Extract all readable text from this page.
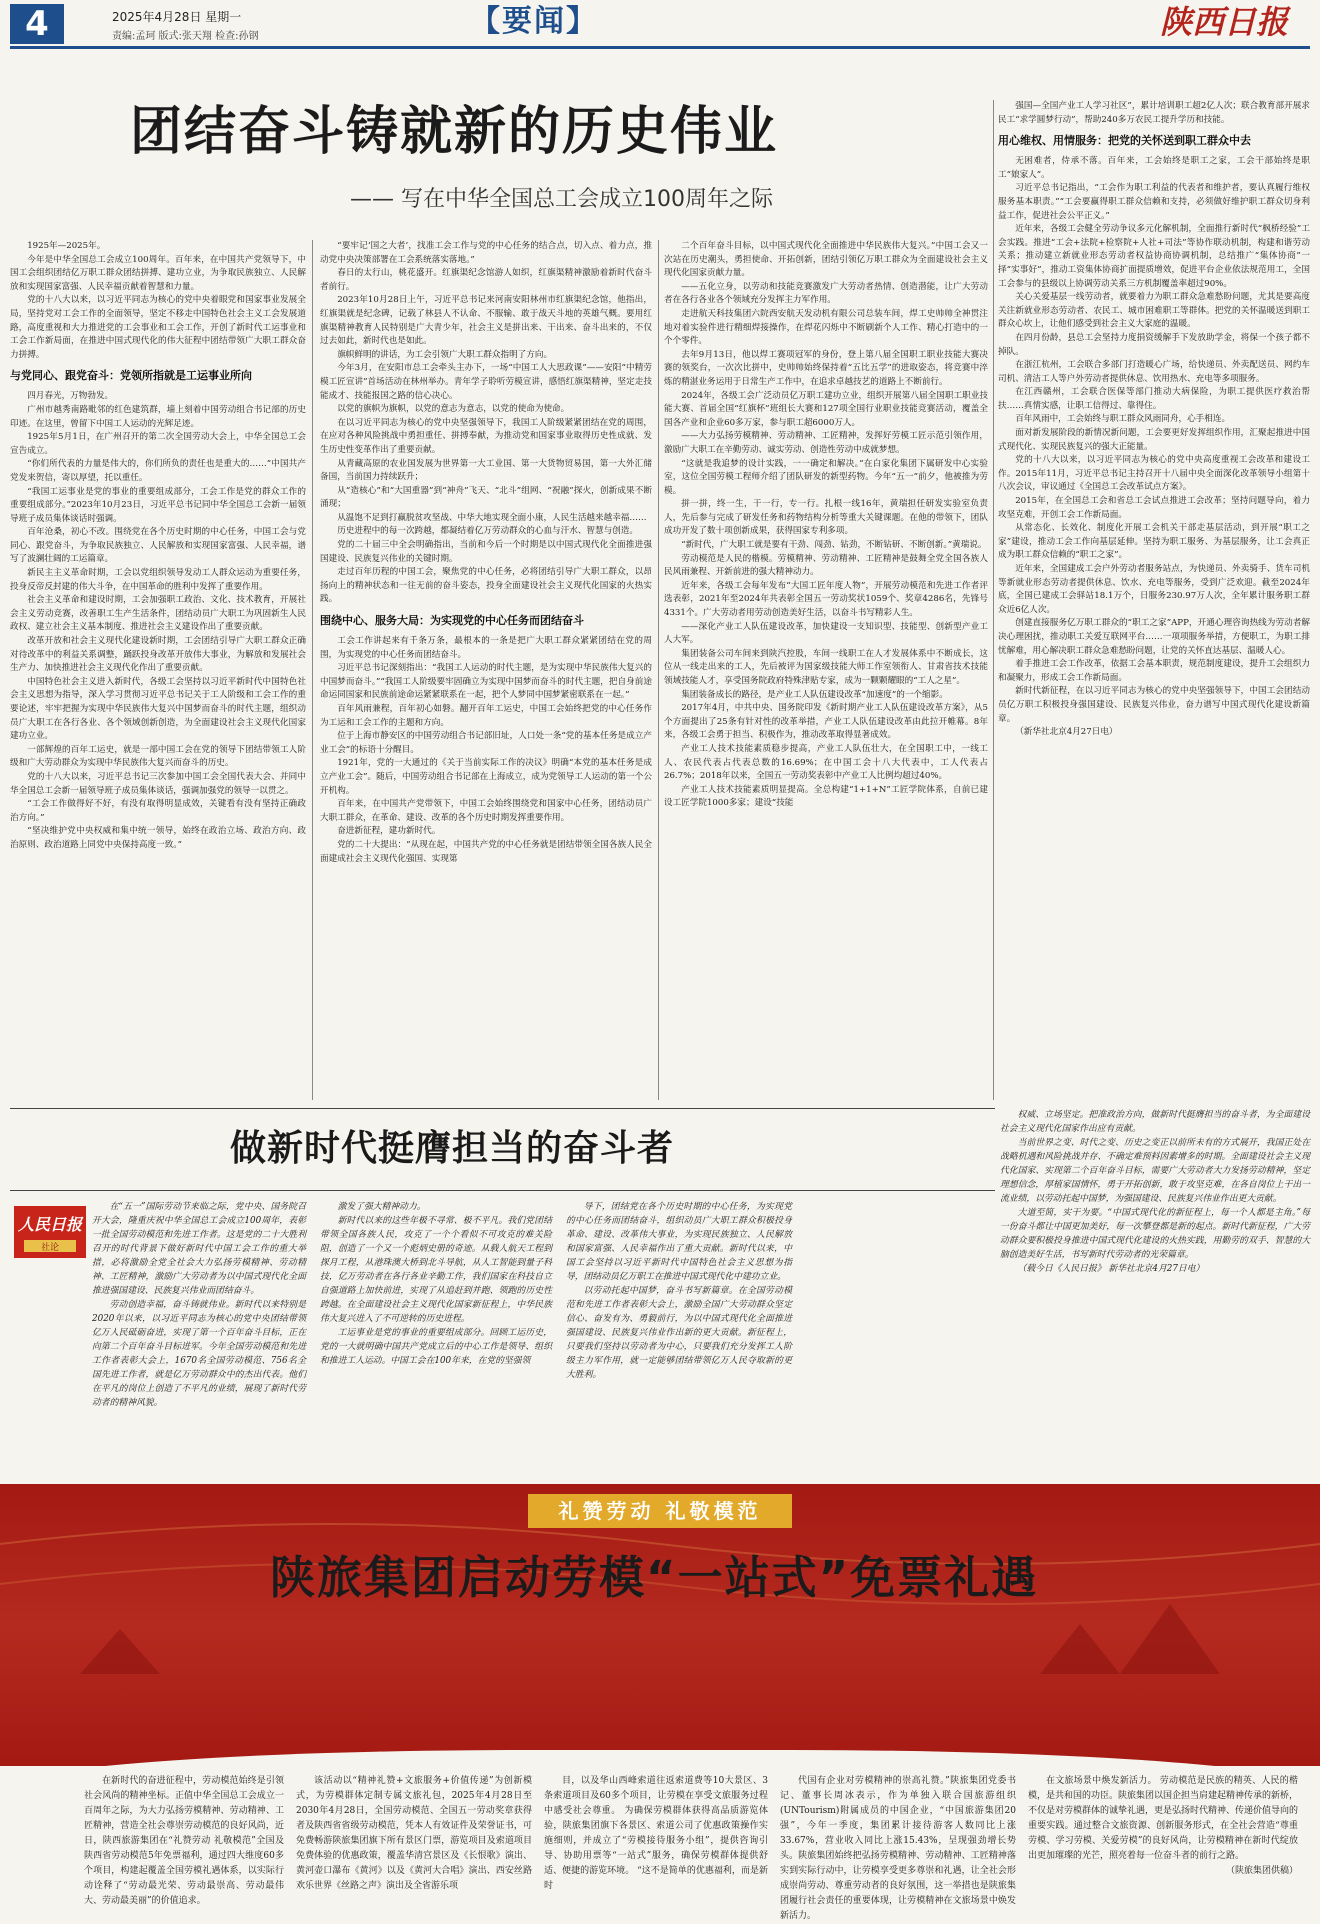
4	2025年4月28日 星期一
责编:孟珂 版式:张天翔 检查:孙钢	【要闻】	陕西日报
团结奋斗铸就新的历史伟业
—— 写在中华全国总工会成立100周年之际

1925年—2025年。

今年是中华全国总工会成立100周年。百年来，在中国共产党领导下，中国工会组织团结亿万职工群众团结拼搏、建功立业，为争取民族独立、人民解放和实现国家富强、人民幸福贡献着智慧和力量。

党的十八大以来，以习近平同志为核心的党中央着眼党和国家事业发展全局，坚持党对工会工作的全面领导，坚定不移走中国特色社会主义工会发展道路，高度重视和大力推进党的工会事业和工会工作，开创了新时代工运事业和工会工作新局面，在推进中国式现代化的伟大征程中团结带领广大职工群众奋力拼搏。

与党同心、跟党奋斗：党领所指就是工运事业所向

四月春光，万物勃发。

广州市越秀南路毗邻的红色建筑群，墙上刻着中国劳动组合书记部的历史印迹。在这里，曾留下中国工人运动的光辉足迹。

1925年5月1日，在广州召开的第二次全国劳动大会上，中华全国总工会宣告成立。

“你们所代表的力量是伟大的，你们所负的责任也是重大的……”中国共产党发来贺信，寄以厚望，托以重任。

“我国工运事业是党的事业的重要组成部分，工会工作是党的群众工作的重要组成部分。”2023年10月23日，习近平总书记同中华全国总工会新一届领导班子成员集体谈话时强调。

百年沧桑，初心不改。围绕党在各个历史时期的中心任务，中国工会与党同心、跟党奋斗，为争取民族独立、人民解放和实现国家富强、人民幸福，谱写了波澜壮阔的工运篇章。

新民主主义革命时期，工会以党组织领导发动工人群众运动为重要任务，投身反帝反封建的伟大斗争，在中国革命的胜利中发挥了重要作用。

社会主义革命和建设时期，工会加强职工政治、文化、技术教育，开展社会主义劳动竞赛，改善职工生产生活条件，团结动员广大职工为巩固新生人民政权、建立社会主义基本制度、推进社会主义建设作出了重要贡献。

改革开放和社会主义现代化建设新时期，工会团结引导广大职工群众正确对待改革中的利益关系调整，踊跃投身改革开放伟大事业，为解放和发展社会生产力、加快推进社会主义现代化作出了重要贡献。

中国特色社会主义进入新时代，各级工会坚持以习近平新时代中国特色社会主义思想为指导，深入学习贯彻习近平总书记关于工人阶级和工会工作的重要论述，牢牢把握为实现中华民族伟大复兴中国梦而奋斗的时代主题，组织动员广大职工在各行各业、各个领域创新创造，为全面建设社会主义现代化国家建功立业。

一部辉煌的百年工运史，就是一部中国工会在党的领导下团结带领工人阶级和广大劳动群众为实现中华民族伟大复兴而奋斗的历史。

党的十八大以来，习近平总书记三次参加中国工会全国代表大会、并同中华全国总工会新一届领导班子成员集体谈话，强调加强党的领导一以贯之。

“工会工作做得好不好，有没有取得明显成效，关键看有没有坚持正确政治方向。”

“坚决维护党中央权威和集中统一领导，始终在政治立场、政治方向、政治原则、政治道路上同党中央保持高度一致。”

“要牢记‘国之大者’，找准工会工作与党的中心任务的结合点，切入点、着力点，推动党中央决策部署在工会系统落实落地。”

春日的太行山，桃花盛开。红旗渠纪念馆游人如织，红旗渠精神激励着新时代奋斗者前行。

2023年10月28日上午，习近平总书记来河南安阳林州市红旗渠纪念馆，他指出，红旗渠就是纪念碑，记载了林县人不认命、不服输、敢于战天斗地的英雄气概。要用红旗渠精神教育人民特别是广大青少年，社会主义是拼出来、干出来、奋斗出来的，不仅过去如此，新时代也是如此。

旗帜鲜明的讲话，为工会引领广大职工群众指明了方向。

今年3月，在安阳市总工会牵头主办下，一场“中国工人大思政课”——安阳“中精劳模工匠宣讲”首场活动在林州举办。青年学子聆听劳模宣讲，感悟红旗渠精神，坚定走技能成才、技能报国之路的信心决心。

以党的旗帜为旗帜，以党的意志为意志，以党的使命为使命。

在以习近平同志为核心的党中央坚强领导下，我国工人阶级紧紧团结在党的周围，在应对各种风险挑战中勇担重任、拼搏奉献，为推动党和国家事业取得历史性成就、发生历史性变革作出了重要贡献。

从青藏高原的农业国发展为世界第一大工业国、第一大货物贸易国，第一大外汇储备国，当前国力持续跃升；

从“造核心”和“大国重器”到“神舟”飞天、“北斗”组网、“祝融”探火，创新成果不断涌现；

从温饱不足到打赢脱贫攻坚战、中华大地实现全面小康，人民生活越来越幸福……

历史进程中的每一次跨越，都凝结着亿万劳动群众的心血与汗水、智慧与创造。

党的二十届三中全会明确指出，当前和今后一个时期是以中国式现代化全面推进强国建设、民族复兴伟业的关键时期。

走过百年历程的中国工会，聚焦党的中心任务，必将团结引导广大职工群众，以昂扬向上的精神状态和一往无前的奋斗姿态，投身全面建设社会主义现代化国家的火热实践。

围绕中心、服务大局：为实现党的中心任务而团结奋斗

工会工作讲起来有千条万条，最根本的一条是把广大职工群众紧紧团结在党的周围，为实现党的中心任务而团结奋斗。

习近平总书记深刻指出：“我国工人运动的时代主题，是为实现中华民族伟大复兴的中国梦而奋斗。”“我国工人阶级要牢固确立为实现中国梦而奋斗的时代主题，把自身前途命运同国家和民族前途命运紧紧联系在一起，把个人梦同中国梦紧密联系在一起。”

百年风雨兼程，百年初心如磐。翻开百年工运史，中国工会始终把党的中心任务作为工运和工会工作的主题和方向。

位于上海市静安区的中国劳动组合书记部旧址，人口处一条“党的基本任务是成立产业工会”的标语十分醒目。

1921年，党的一大通过的《关于当前实际工作的决议》明确“本党的基本任务是成立产业工会”。随后，中国劳动组合书记部在上海成立，成为党领导工人运动的第一个公开机构。

百年来，在中国共产党带领下，中国工会始终围绕党和国家中心任务，团结动员广大职工群众，在革命、建设、改革的各个历史时期发挥重要作用。

奋进新征程，建功新时代。

党的二十大提出：“从现在起，中国共产党的中心任务就是团结带领全国各族人民全面建成社会主义现代化强国、实现第

二个百年奋斗目标，以中国式现代化全面推进中华民族伟大复兴。”中国工会又一次站在历史潮头，勇担使命、开拓创新，团结引领亿万职工群众为全面建设社会主义现代化国家贡献力量。

——五化立身，以劳动和技能竞赛激发广大劳动者热情、创造潜能，让广大劳动者在各行各业各个领域充分发挥主力军作用。

走进航天科技集团六院西安航天发动机有限公司总装车间，焊工史帅帅全神贯注地对着实验件进行精细焊接操作，在焊花闪烁中不断刷新个人工作、精心打造中的一个个零件。

去年9月13日，他以焊工赛项冠军的身份，登上第八届全国职工职业技能大赛决赛的领奖台，一次次比拼中，史帅帅始终保持着“五比五学”的进取姿态，将竞赛中淬炼的精湛业务运用于日常生产工作中，在追求卓越技艺的道路上不断前行。

2024年，各级工会广泛动员亿万职工建功立业，组织开展第八届全国职工职业技能大赛、首届全国“红旗杯”班组长大赛和127项全国行业职业技能竞赛活动，覆盖全国各产业和企业60多万家，参与职工超6000万人。

——大力弘扬劳模精神、劳动精神、工匠精神，发挥好劳模工匠示范引领作用，激励广大职工在辛勤劳动、诚实劳动、创造性劳动中成就梦想。

“这就是我追梦的设计实践，一一确定和解决。”在白家化集团下属研发中心实验室，这位全国劳模工程师介绍了团队研发的新型药物。今年“五一”前夕，他被推为劳模。

拼一拼，终一生，干一行，专一行。扎根一线16年，黄瑞担任研发实验室负责人，先后参与完成了研发任务和药物结构分析等重大关键课题。在他的带领下，团队成功开发了数十项创新成果，获得国家专利多项。

“新时代，广大职工就是要有干劲、闯劲、钻劲，不断钻研、不断创新。”黄瑞说。

劳动模范是人民的楷模。劳模精神、劳动精神、工匠精神是鼓舞全党全国各族人民风雨兼程、开新前进的强大精神动力。

近年来，各级工会每年发布“大国工匠年度人物”，开展劳动模范和先进工作者评选表彰，2021年至2024年共表彰全国五一劳动奖状1059个、奖章4286名，先锋号4331个。广大劳动者用劳动创造美好生活，以奋斗书写精彩人生。

——深化产业工人队伍建设改革，加快建设一支知识型、技能型、创新型产业工人大军。

集团装备公司车间来到陕汽控股，车间一线职工在人才发展体系中不断成长，这位从一线走出来的工人，先后被评为国家级技能大师工作室领衔人、甘肃省技术技能领域技能人才，享受国务院政府特殊津贴专家，成为一颗颗耀眼的“工人之星”。

集团装备成长的路径，是产业工人队伍建设改革“加速度”的一个缩影。

2017年4月，中共中央、国务院印发《新时期产业工人队伍建设改革方案》，从5个方面提出了25条有针对性的改革举措，产业工人队伍建设改革由此拉开帷幕。8年来，各级工会勇于担当、积极作为，推动改革取得显著成效。

产业工人技术技能素质稳步提高，产业工人队伍壮大，在全国职工中，一线工人、农民代表占代表总数的16.69%；在中国工会十八大代表中，工人代表占26.7%；2018年以来，全国五一劳动奖表彰中产业工人比例均超过40%。

产业工人技术技能素质明显提高。全总构建“1+1+N”工匠学院体系，自前已建设工匠学院1000多家；建设“技能

强国—全国产业工人学习社区”，累计培训职工超2亿人次；联合教育部开展求民工“求学圆梦行动”，帮助240多万农民工提升学历和技能。

用心维权、用情服务：把党的关怀送到职工群众中去

无困难者，侍承不落。百年来，工会始终是职工之家，工会干部始终是职工“娘家人”。

习近平总书记指出，“工会作为职工利益的代表者和维护者，要认真履行维权服务基本职责。”“工会要赢得职工群众信赖和支持，必须做好维护职工群众切身利益工作，促进社会公平正义。”

近年来，各级工会健全劳动争议多元化解机制，全面推行新时代“枫桥经验”工会实践。推进“工会+法院+检察院+人社+司法”等协作联动机制，构建和谐劳动关系；推动建立新就业形态劳动者权益协商协调机制，总结推广“集体协商”一择“实事好”，推动工资集体协商扩面提质增效，促进平台企业依法规范用工，全国工会参与的县级以上协调劳动关系三方机制覆盖率超过90%。

关心关爱基层一线劳动者，就要着力为职工群众急难愁盼问题，尤其是要高度关注新就业形态劳动者、农民工、城市困难职工等群体。把党的关怀温暖送到职工群众心坎上，让他们感受到社会主义大家庭的温暖。

在四月份龄，县总工会坚持力度捐资缓解手下发放助学金，将保一个孩子都不掉队。

在浙江杭州，工会联合多部门打造暖心广场，给快递员、外卖配送员、网约车司机、清洁工人等户外劳动者提供休息、饮用热水、充电等多项服务。

在江西赣州，工会联合医保等部门推动大病保险，为职工提供医疗救治帮扶……真情实感，让职工信得过、靠得住。

百年风雨中，工会始终与职工群众风雨同舟，心手相连。

面对新发展阶段的新情况新问题，工会要更好发挥组织作用，汇聚起推进中国式现代化、实现民族复兴的强大正能量。

党的十八大以来，以习近平同志为核心的党中央高度重视工会改革和建设工作。2015年11月，习近平总书记主持召开十八届中央全面深化改革领导小组第十八次会议，审议通过《全国总工会改革试点方案》。

2015年，在全国总工会和省总工会试点推进工会改革；坚持问题导向，着力攻坚克难，开创工会工作新局面。

从常态化、长效化、制度化开展工会机关干部走基层活动，到开展“职工之家”建设，推动工会工作向基层延伸。坚持为职工服务、为基层服务，让工会真正成为职工群众信赖的“职工之家”。

近年来，全国建成工会户外劳动者服务站点，为快递员、外卖骑手、货车司机等新就业形态劳动者提供休息、饮水、充电等服务，受到广泛欢迎。截至2024年底，全国已建成工会驿站18.1万个，日服务230.97万人次，全年累计服务职工群众近6亿人次。

创建直接服务亿万职工群众的“职工之家”APP，开通心理咨询热线为劳动者解决心理困扰，推动职工关爱互联网平台……一项项服务举措，方便职工，为职工排忧解难，用心解决职工群众急难愁盼问题，让党的关怀直达基层、温暖人心。

着手推进工会工作改革，依据工会基本职责，规范制度建设，提升工会组织力和凝聚力，形成工会工作新局面。

新时代新征程，在以习近平同志为核心的党中央坚强领导下，中国工会团结动员亿万职工积极投身强国建设、民族复兴伟业，奋力谱写中国式现代化建设新篇章。

（新华社北京4月27日电）

做新时代挺膺担当的奋斗者
人民日报
社论

在“五一”国际劳动节来临之际，党中央、国务院召开大会，隆重庆祝中华全国总工会成立100周年，表彰一批全国劳动模范和先进工作者。这是党的二十大胜利召开的时代背景下做好新时代中国工会工作的重大举措，必将激励全党全社会大力弘扬劳模精神、劳动精神、工匠精神，激励广大劳动者为以中国式现代化全面推进强国建设、民族复兴伟业而团结奋斗。

劳动创造幸福，奋斗铸就伟业。新时代以来特别是2020年以来，以习近平同志为核心的党中央团结带领亿万人民砥砺奋进，实现了第一个百年奋斗目标，正在向第二个百年奋斗目标进军。今年全国劳动模范和先进工作者表彰大会上，1670名全国劳动模范、756名全国先进工作者，就是亿万劳动群众中的杰出代表。他们在平凡的岗位上创造了不平凡的业绩，展现了新时代劳动者的精神风貌。

激发了强大精神动力。

新时代以来的这些年极不寻常、极不平凡。我们党团结带领全国各族人民，攻克了一个个看似不可攻克的难关险阻，创造了一个又一个彪炳史册的奇迹。从载人航天工程到探月工程，从港珠澳大桥到北斗导航，从人工智能到量子科技，亿万劳动者在各行各业辛勤工作，我们国家在科技自立自强道路上加快前进，实现了从追赶到并跑、领跑的历史性跨越。在全面建设社会主义现代化国家新征程上，中华民族伟大复兴进入了不可逆转的历史进程。

工运事业是党的事业的重要组成部分。回顾工运历史，党的一大就明确中国共产党成立后的中心工作是领导、组织和推进工人运动。中国工会在100年来，在党的坚强领

导下，团结党在各个历史时期的中心任务，为实现党的中心任务而团结奋斗，组织动员广大职工群众积极投身革命、建设、改革伟大事业，为实现民族独立、人民解放和国家富强、人民幸福作出了重大贡献。新时代以来，中国工会坚持以习近平新时代中国特色社会主义思想为指导，团结动员亿万职工在推进中国式现代化中建功立业。

以劳动托起中国梦，奋斗书写新篇章。在全国劳动模范和先进工作者表彰大会上，激励全国广大劳动群众坚定信心、奋发有为、勇毅前行，为以中国式现代化全面推进强国建设、民族复兴伟业作出新的更大贡献。新征程上，只要我们坚持以劳动者为中心，只要我们充分发挥工人阶级主力军作用，就一定能够团结带领亿万人民夺取新的更大胜利。

权威、立场坚定。把准政治方向，做新时代挺膺担当的奋斗者，为全面建设社会主义现代化国家作出应有贡献。

当前世界之变、时代之变、历史之变正以前所未有的方式展开，我国正处在战略机遇和风险挑战并存、不确定难预料因素增多的时期。全面建设社会主义现代化国家、实现第二个百年奋斗目标，需要广大劳动者大力发扬劳动精神，坚定理想信念，厚植家国情怀，勇于开拓创新，敢于攻坚克难，在各自岗位上干出一流业绩，以劳动托起中国梦，为强国建设、民族复兴伟业作出更大贡献。

大道至简，实干为要。“中国式现代化的新征程上，每一个人都是主角。”每一份奋斗都让中国更加美好，每一次攀登都是新的起点。新时代新征程，广大劳动群众要积极投身推进中国式现代化建设的火热实践，用勤劳的双手、智慧的大脑创造美好生活，书写新时代劳动者的光荣篇章。

（载今日《人民日报》 新华社北京4月27日电）

礼赞劳动 礼敬模范
陕旅集团启动劳模“一站式”免票礼遇

在新时代的奋进征程中，劳动模范始终是引领社会风尚的精神坐标。正值中华全国总工会成立一百周年之际，为大力弘扬劳模精神、劳动精神、工匠精神，营造全社会尊崇劳动模范的良好风尚，近日，陕西旅游集团在“礼赞劳动 礼敬模范”全国及陕西省劳动模范5年免票福利，通过四大维度60多个项目，构建起覆盖全国劳模礼遇体系，以实际行动诠释了“劳动最光荣、劳动最崇高、劳动最伟大、劳动最美丽”的价值追求。

该活动以“精神礼赞+文旅服务+价值传递”为创新模式，为劳模群体定制专属文旅礼包，2025年4月28日至2030年4月28日，全国劳动模范、全国五一劳动奖章获得者及陕西省省级劳动模范，凭本人有效证件及荣誉证书，可免费畅游陕旅集团旗下所有景区门票，游览项目及索道项目免费体验的优惠政策，覆盖华清宫景区及《长恨歌》演出、黄河壶口瀑布《黄河》以及《黄河大合唱》演出、西安丝路欢乐世界《丝路之声》演出及全省游乐项

目，以及华山西峰索道往返索道费等10大景区、3条索道项目及60多个项目，让劳模在享受文旅服务过程中感受社会尊重。 为确保劳模群体获得高品质游览体验，陕旅集团旗下各景区、索道公司了优惠政策操作实施细则，并成立了“劳模接待服务小组”，提供咨询引导、协助用票等“一站式”服务，确保劳模群体提供舒适、便捷的游览环境。 “这不是简单的优惠福利，而是新时

代国有企业对劳模精神的崇高礼赞。”陕旅集团党委书记、董事长周冰表示，作为单独入联合国旅游组织(UNTourism)附属成员的中国企业，“中国旅游集团20强”，今年一季度，集团累计接待游客人数同比上涨33.67%，营业收入同比上涨15.43%，呈现强劲增长势头。陕旅集团始终把弘扬劳模精神、劳动精神、工匠精神落实到实际行动中，让劳模享受更多尊崇和礼遇，让全社会形成崇尚劳动、尊重劳动者的良好氛围，这一举措也是陕旅集团履行社会责任的重要体现，让劳模精神在文旅场景中焕发新活力。

在文旅场景中焕发新活力。 劳动模范是民族的精英、人民的楷模，是共和国的功臣。陕旅集团以国企担当肩建起精神传承的新桥，不仅是对劳模群体的诚挚礼遇，更是弘扬时代精神、传递价值导向的重要实践。通过整合文旅资源、创新服务形式，在全社会营造“尊重劳模、学习劳模、关爱劳模”的良好风尚，让劳模精神在新时代绽放出更加璀璨的光芒，照亮着每一位奋斗者的前行之路。

（陕旅集团供稿）
